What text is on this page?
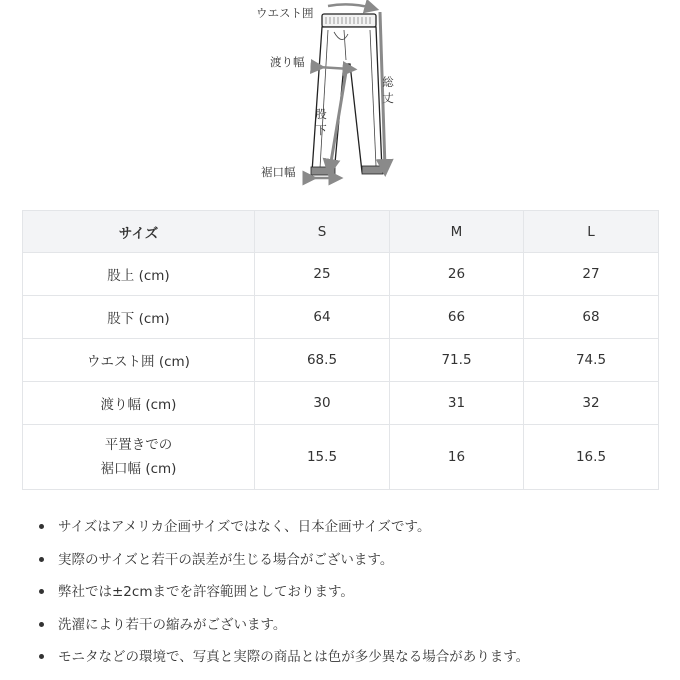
ウエスト囲
渡り幅
股下
裾口幅
総丈
サイズ	S	M	L
股上 (cm)	25	26	27
股下 (cm)	64	66	68
ウエスト囲 (cm)	68.5	71.5	74.5
渡り幅 (cm)	30	31	32
平置きでの
裾口幅 (cm)	15.5	16	16.5
サイズはアメリカ企画サイズではなく、日本企画サイズです。
実際のサイズと若干の誤差が生じる場合がございます。
弊社では±2cmまでを許容範囲としております。
洗濯により若干の縮みがございます。
モニタなどの環境で、写真と実際の商品とは色が多少異なる場合があります。
